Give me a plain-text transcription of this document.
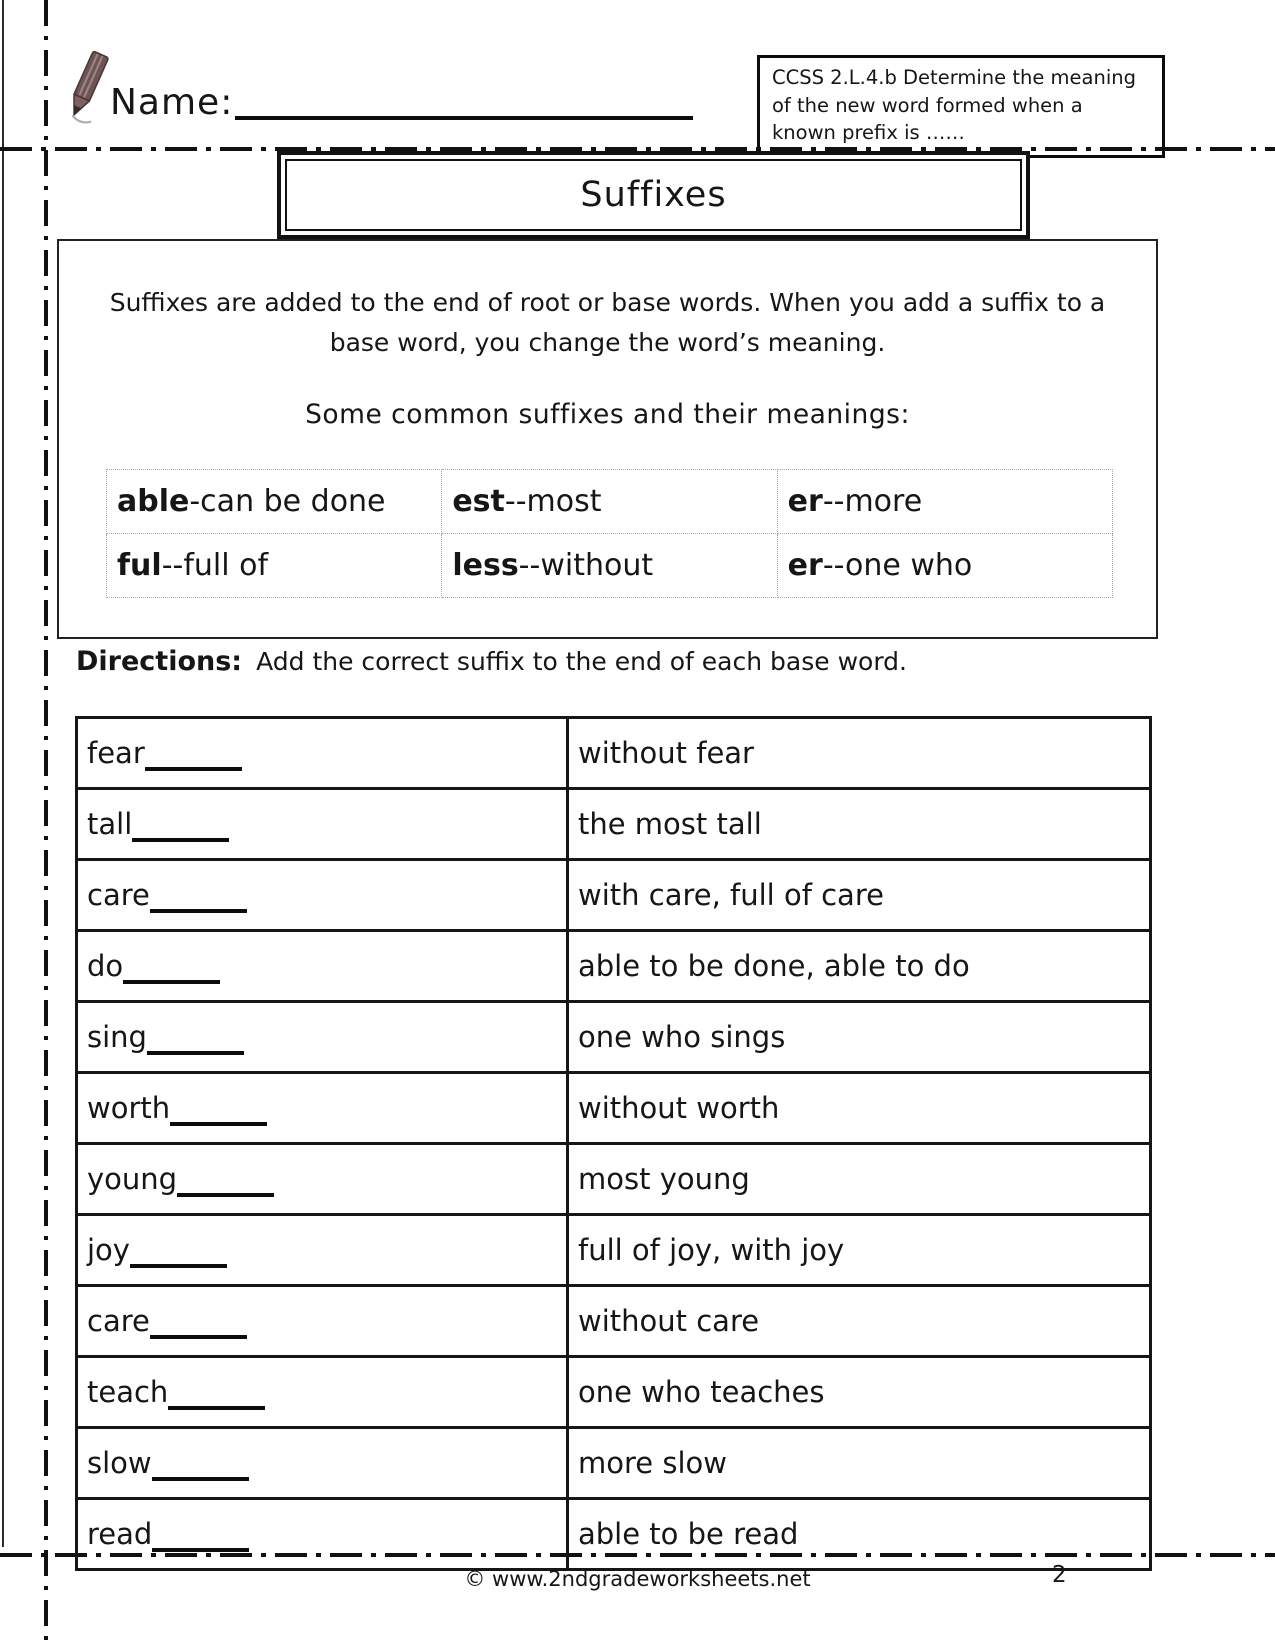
Name:
CCSS 2.L.4.b Determine the meaning of the new word formed when a known prefix is ……
Suffixes
Suffixes are added to the end of root or base words. When you add a suffix to a base word, you change the word’s meaning.
Some common suffixes and their meanings:
able-can be done	est--most	er--more
ful--full of	less--without	er--one who
Directions: Add the correct suffix to the end of each base word.
fear	without fear
tall	the most tall
care	with care, full of care
do	able to be done, able to do
sing	one who sings
worth	without worth
young	most young
joy	full of joy, with joy
care	without care
teach	one who teaches
slow	more slow
read	able to be read
© www.2ndgradeworksheets.net	2
